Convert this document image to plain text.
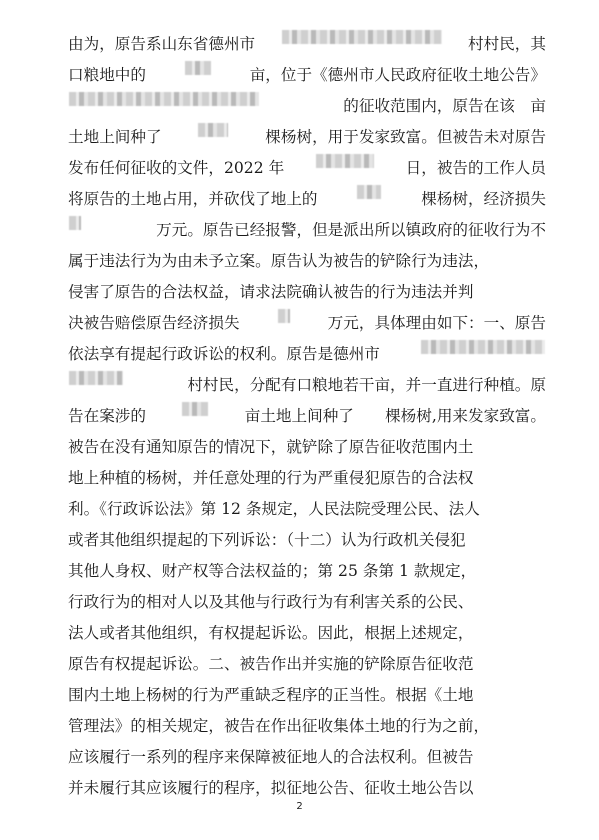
由为，原告系山东省德州市	村村民，其
口粮地中的	亩，位于《德州市人民政府征收土地公告》
的征收范围内，原告在该　亩
土地上间种了	棵杨树，用于发家致富。但被告未对原告
发布任何征收的文件，2022 年	日，被告的工作人员
将原告的土地占用，并砍伐了地上的	棵杨树，经济损失
万元。原告已经报警，但是派出所以镇政府的征收行为不
属于违法行为为由未予立案。原告认为被告的铲除行为违法，
侵害了原告的合法权益，请求法院确认被告的行为违法并判
决被告赔偿原告经济损失	万元，具体理由如下：一、原告
依法享有提起行政诉讼的权利。原告是德州市
村村民，分配有口粮地若干亩，并一直进行种植。原
告在案涉的	亩土地上间种了　　棵杨树,用来发家致富。
被告在没有通知原告的情况下，就铲除了原告征收范围内土
地上种植的杨树，并任意处理的行为严重侵犯原告的合法权
利。《行政诉讼法》第 12 条规定，人民法院受理公民、法人
或者其他组织提起的下列诉讼：（十二）认为行政机关侵犯
其他人身权、财产权等合法权益的；第 25 条第 1 款规定，
行政行为的相对人以及其他与行政行为有利害关系的公民、
法人或者其他组织，有权提起诉讼。因此，根据上述规定，
原告有权提起诉讼。二、被告作出并实施的铲除原告征收范
围内土地上杨树的行为严重缺乏程序的正当性。根据《土地
管理法》的相关规定，被告在作出征收集体土地的行为之前，
应该履行一系列的程序来保障被征地人的合法权利。但被告
并未履行其应该履行的程序，拟征地公告、征收土地公告以
2
